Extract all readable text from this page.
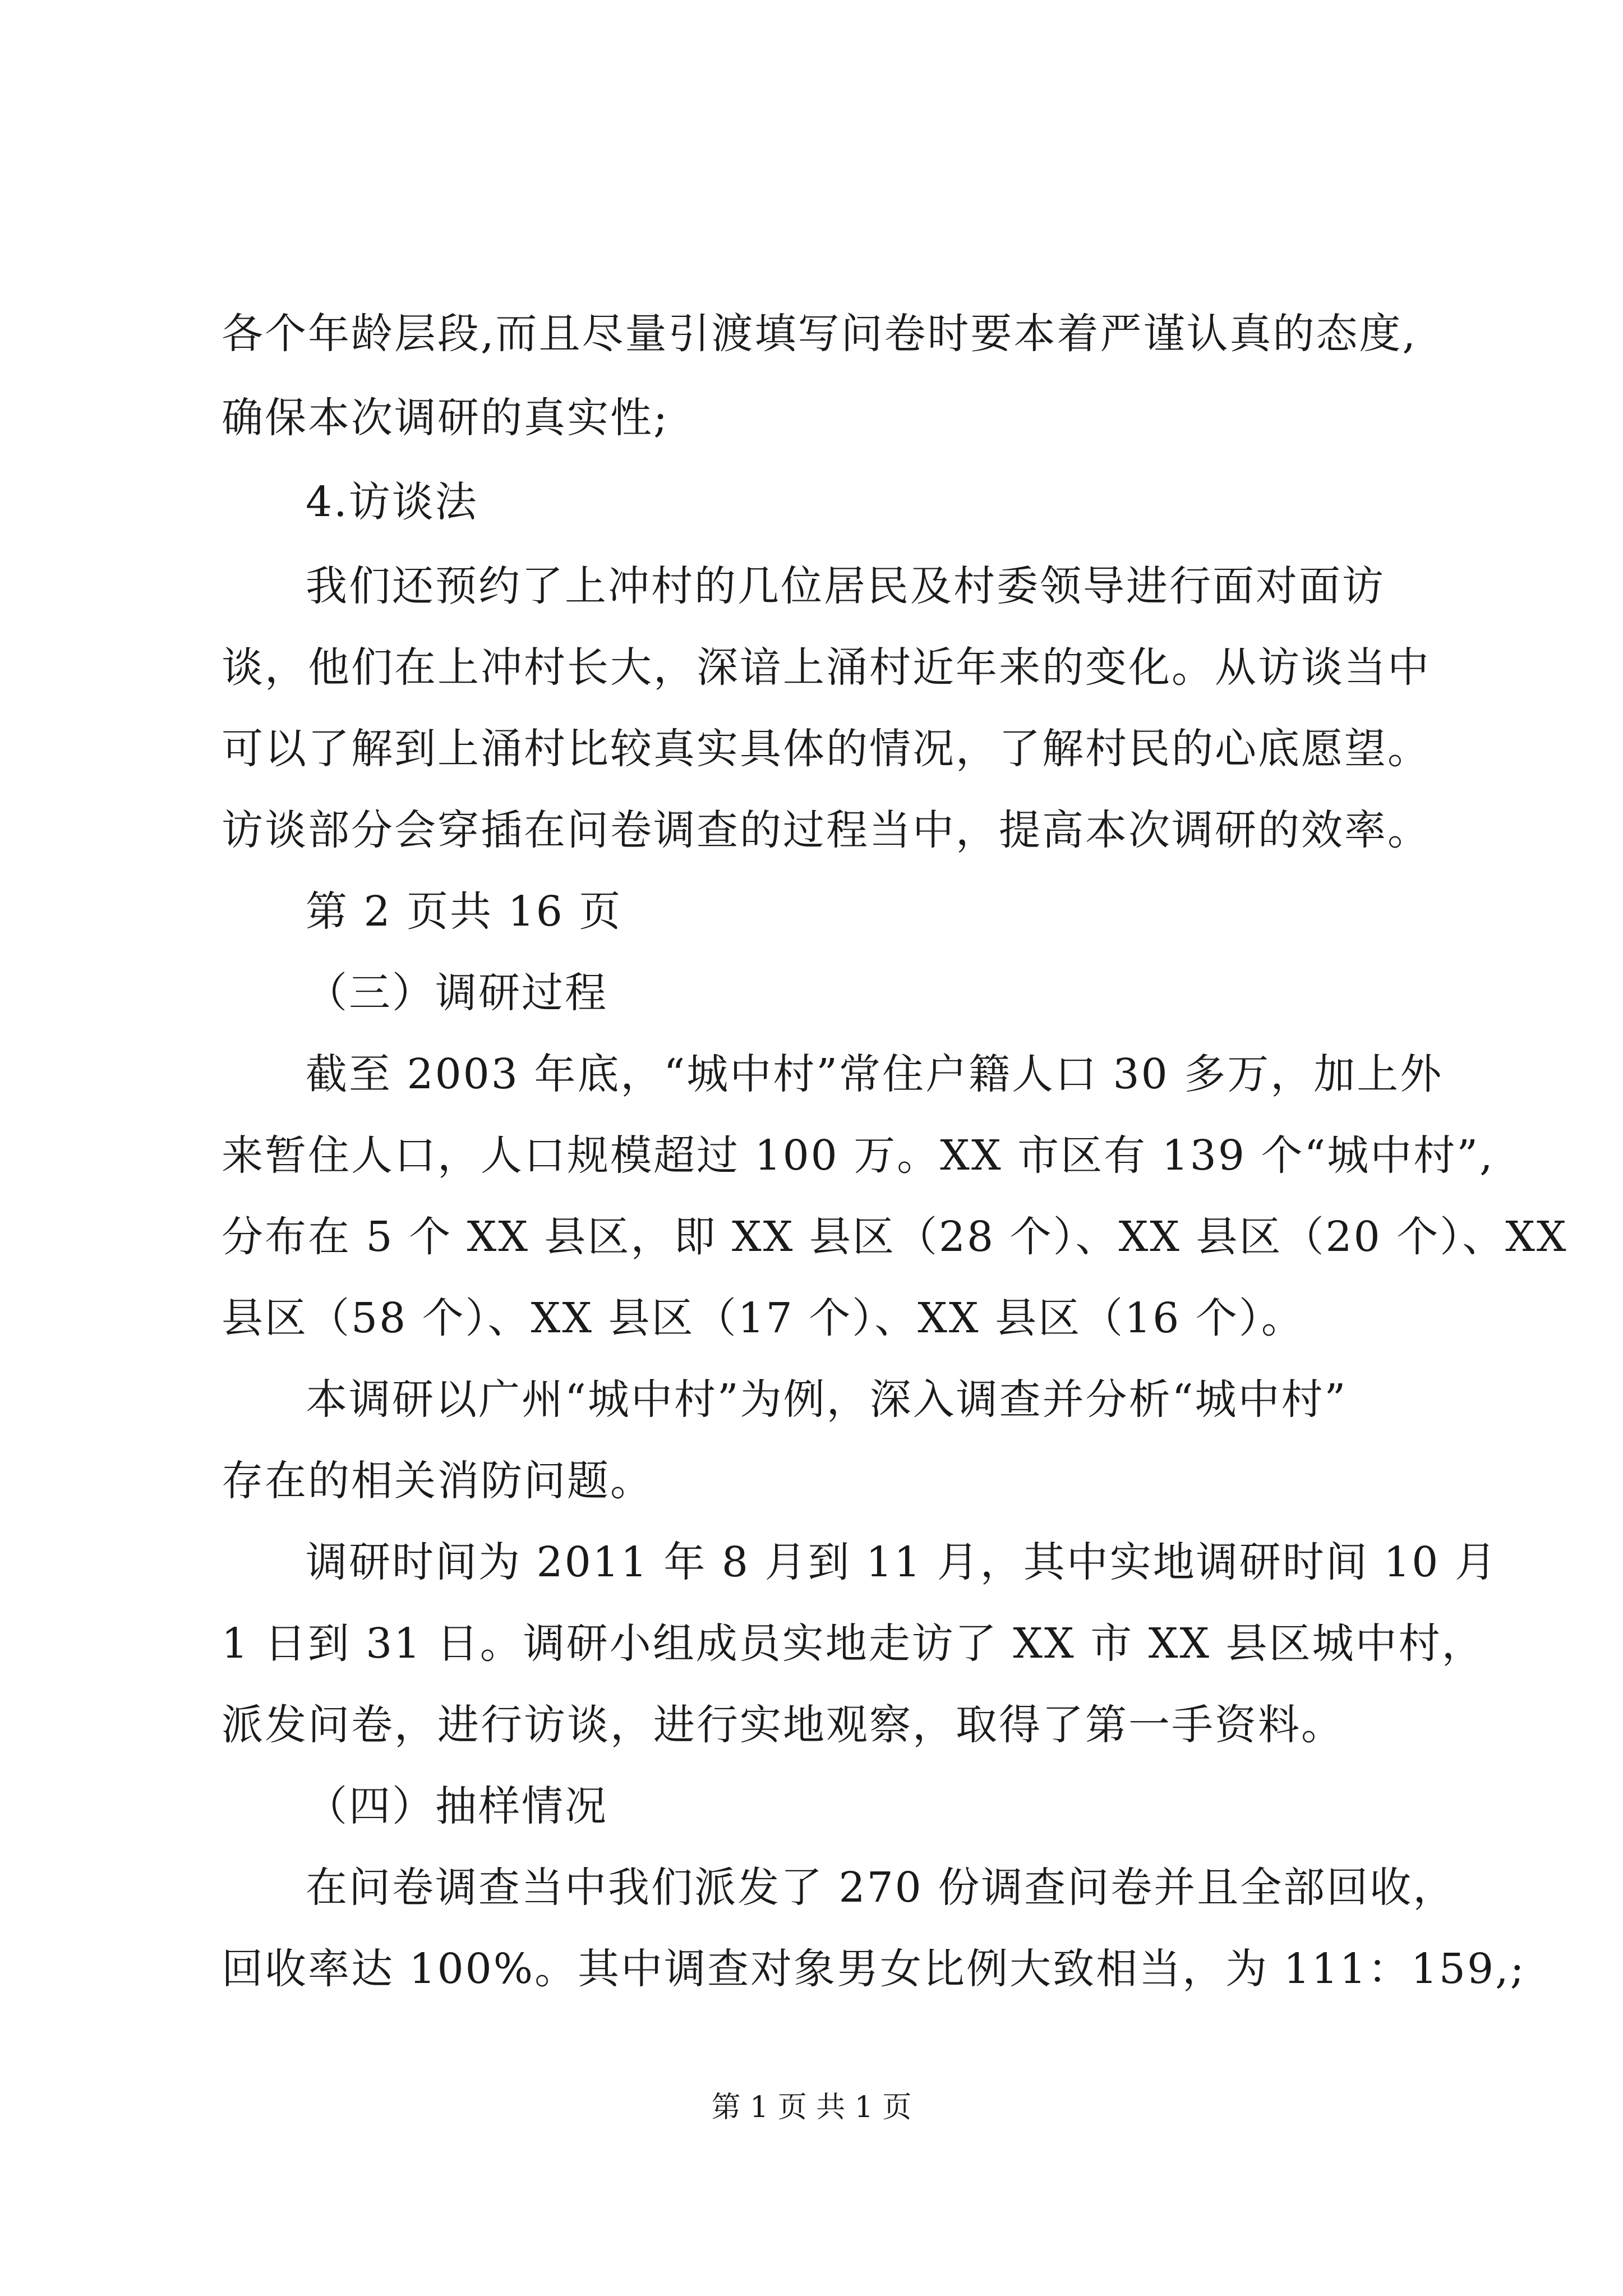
各个年龄层段,而且尽量引渡填写问卷时要本着严谨认真的态度,
确保本次调研的真实性;
4.访谈法
我们还预约了上冲村的几位居民及村委领导进行面对面访
谈，他们在上冲村长大，深谙上涌村近年来的变化。从访谈当中
可以了解到上涌村比较真实具体的情况，了解村民的心底愿望。
访谈部分会穿插在问卷调查的过程当中，提高本次调研的效率。
第 2 页共 16 页
（三）调研过程
截至 2003 年底，“城中村”常住户籍人口 30 多万，加上外
来暂住人口，人口规模超过 100 万。XX 市区有 139 个“城中村”,
分布在 5 个 XX 县区，即 XX 县区（28 个）、XX 县区（20 个）、XX
县区（58 个）、XX 县区（17 个）、XX 县区（16 个）。
本调研以广州“城中村”为例，深入调查并分析“城中村”
存在的相关消防问题。
调研时间为 2011 年 8 月到 11 月，其中实地调研时间 10 月
1 日到 31 日。调研小组成员实地走访了 XX 市 XX 县区城中村，
派发问卷，进行访谈，进行实地观察，取得了第一手资料。
（四）抽样情况
在问卷调查当中我们派发了 270 份调查问卷并且全部回收，
回收率达 100%。其中调查对象男女比例大致相当，为 111：159,;
第 1 页 共 1 页
